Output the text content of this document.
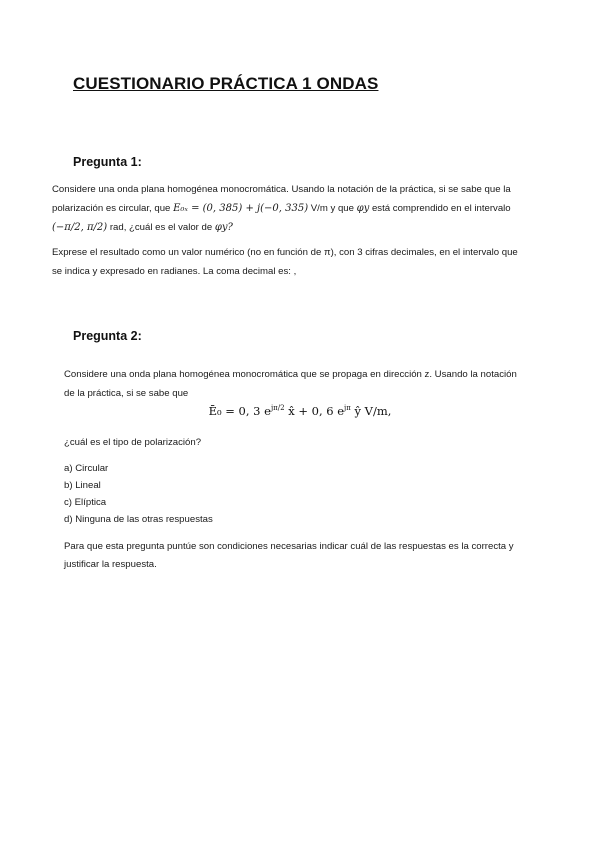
CUESTIONARIO PRÁCTICA 1 ONDAS
Pregunta 1:
Considere una onda plana homogénea monocromática. Usando la notación de la práctica, si se sabe que la
polarización es circular, que E₀ₓ = (0, 385) + j(−0, 335) V/m y que φy está comprendido en el intervalo
(−π/2, π/2) rad, ¿cuál es el valor de φy?
Exprese el resultado como un valor numérico (no en función de π), con 3 cifras decimales, en el intervalo que
se indica y expresado en radianes. La coma decimal es: ,
Pregunta 2:
Considere una onda plana homogénea monocromática que se propaga en dirección z. Usando la notación
de la práctica, si se sabe que
Ē₀ = 0, 3 $e^{j\pi/2}$ x̂ + 0, 6 $e^{j\pi}$ ŷ V/m,
¿cuál es el tipo de polarización?
a) Circular
b) Lineal
c) Elíptica
d) Ninguna de las otras respuestas
Para que esta pregunta puntúe son condiciones necesarias indicar cuál de las respuestas es la correcta y
justificar la respuesta.
